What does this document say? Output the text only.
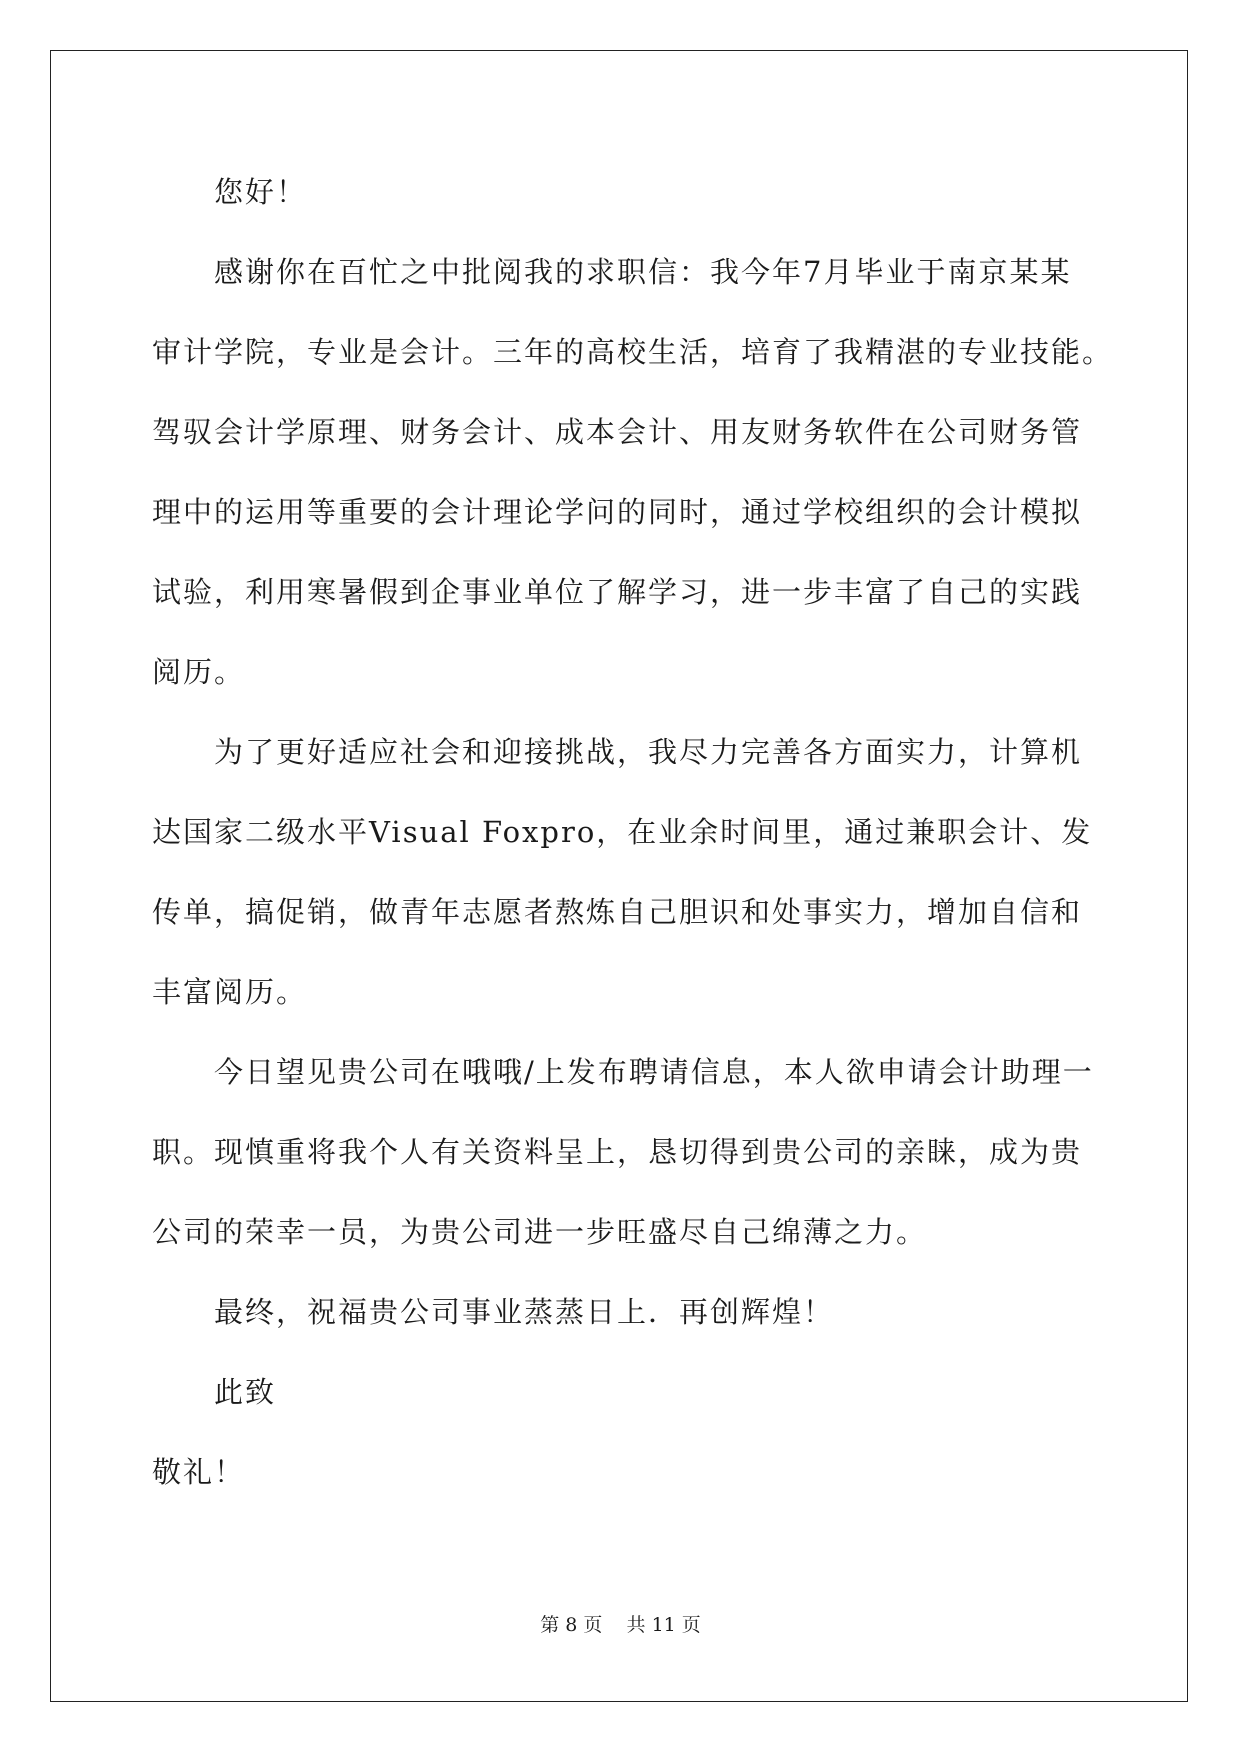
您好！
感谢你在百忙之中批阅我的求职信：我今年7月毕业于南京某某
审计学院，专业是会计。三年的高校生活，培育了我精湛的专业技能。
驾驭会计学原理、财务会计、成本会计、用友财务软件在公司财务管
理中的运用等重要的会计理论学问的同时，通过学校组织的会计模拟
试验，利用寒暑假到企事业单位了解学习，进一步丰富了自己的实践
阅历。
为了更好适应社会和迎接挑战，我尽力完善各方面实力，计算机
达国家二级水平Visual Foxpro，在业余时间里，通过兼职会计、发
传单，搞促销，做青年志愿者熬炼自己胆识和处事实力，增加自信和
丰富阅历。
今日望见贵公司在哦哦/上发布聘请信息，本人欲申请会计助理一
职。现慎重将我个人有关资料呈上，恳切得到贵公司的亲睐，成为贵
公司的荣幸一员，为贵公司进一步旺盛尽自己绵薄之力。
最终，祝福贵公司事业蒸蒸日上．再创辉煌！
此致
敬礼！
第 8 页    共 11 页
